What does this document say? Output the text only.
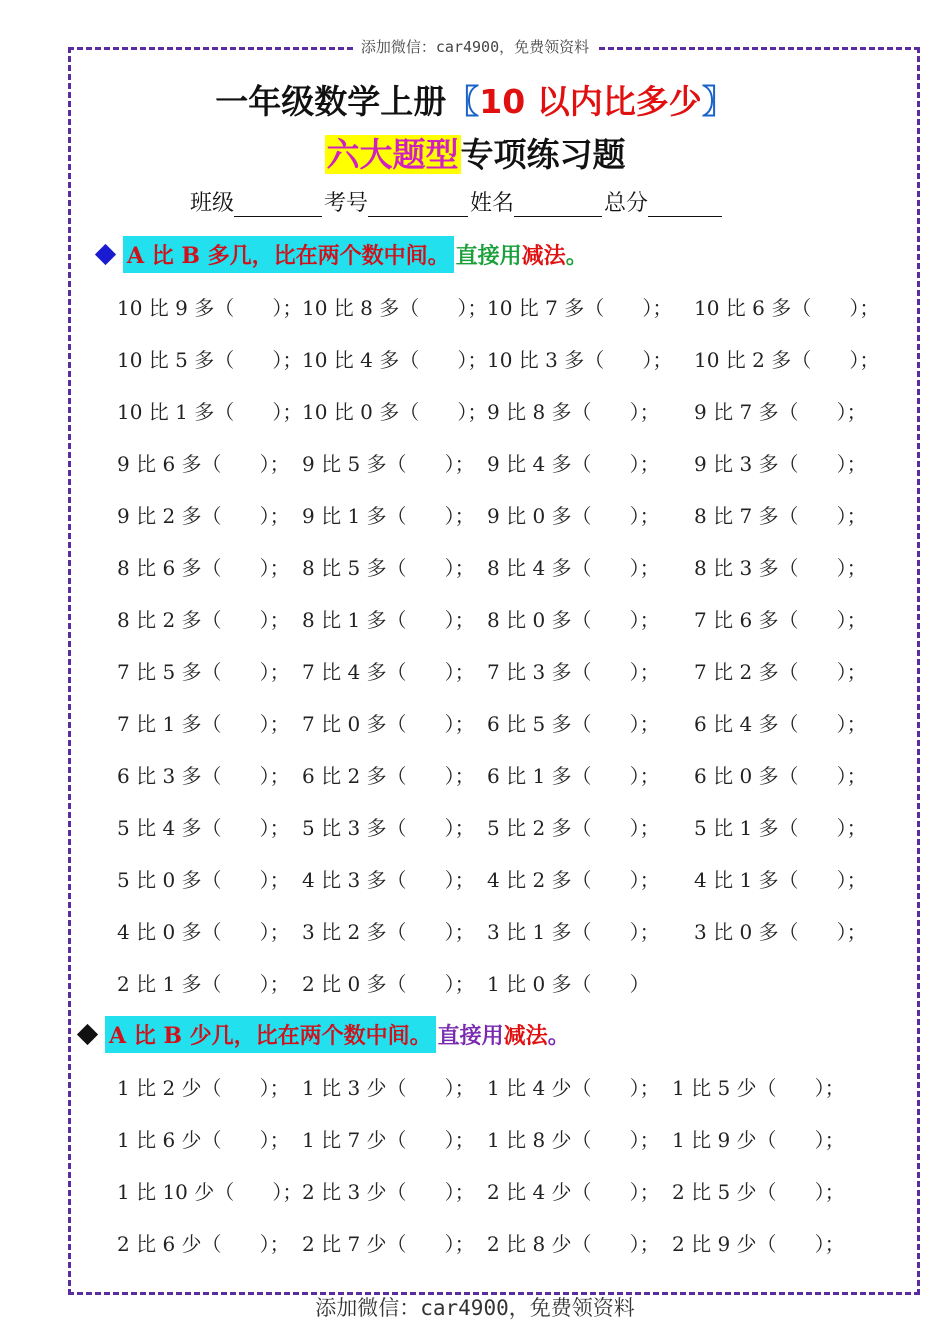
添加微信：car4900，免费领资料
一年级数学上册〖10 以内比多少〗
六大题型专项练习题
班级	考号	姓名	总分
A 比 B 多几，比在两个数中间。 直接用 减法 。
10 比 9 多（      ）； 10 比 8 多（      ）； 10 比 7 多（      ）； 10 比 6 多（      ）；
10 比 5 多（      ）； 10 比 4 多（      ）； 10 比 3 多（      ）； 10 比 2 多（      ）；
10 比 1 多（      ）； 10 比 0 多（      ）； 9 比 8 多（      ）； 9 比 7 多（      ）；
9 比 6 多（      ）； 9 比 5 多（      ）； 9 比 4 多（      ）； 9 比 3 多（      ）；
9 比 2 多（      ）； 9 比 1 多（      ）； 9 比 0 多（      ）； 8 比 7 多（      ）；
8 比 6 多（      ）； 8 比 5 多（      ）； 8 比 4 多（      ）； 8 比 3 多（      ）；
8 比 2 多（      ）； 8 比 1 多（      ）； 8 比 0 多（      ）； 7 比 6 多（      ）；
7 比 5 多（      ）； 7 比 4 多（      ）； 7 比 3 多（      ）； 7 比 2 多（      ）；
7 比 1 多（      ）； 7 比 0 多（      ）； 6 比 5 多（      ）； 6 比 4 多（      ）；
6 比 3 多（      ）； 6 比 2 多（      ）； 6 比 1 多（      ）； 6 比 0 多（      ）；
5 比 4 多（      ）； 5 比 3 多（      ）； 5 比 2 多（      ）； 5 比 1 多（      ）；
5 比 0 多（      ）； 4 比 3 多（      ）； 4 比 2 多（      ）； 4 比 1 多（      ）；
4 比 0 多（      ）； 3 比 2 多（      ）； 3 比 1 多（      ）； 3 比 0 多（      ）；
2 比 1 多（      ）； 2 比 0 多（      ）； 1 比 0 多（      ）
A 比 B 少几，比在两个数中间。 直接用 减法 。
1 比 2 少（      ）； 1 比 3 少（      ）； 1 比 4 少（      ）； 1 比 5 少（      ）；
1 比 6 少（      ）； 1 比 7 少（      ）； 1 比 8 少（      ）； 1 比 9 少（      ）；
1 比 10 少（      ）； 2 比 3 少（      ）； 2 比 4 少（      ）； 2 比 5 少（      ）；
2 比 6 少（      ）； 2 比 7 少（      ）； 2 比 8 少（      ）； 2 比 9 少（      ）；
添加微信：car4900，免费领资料
